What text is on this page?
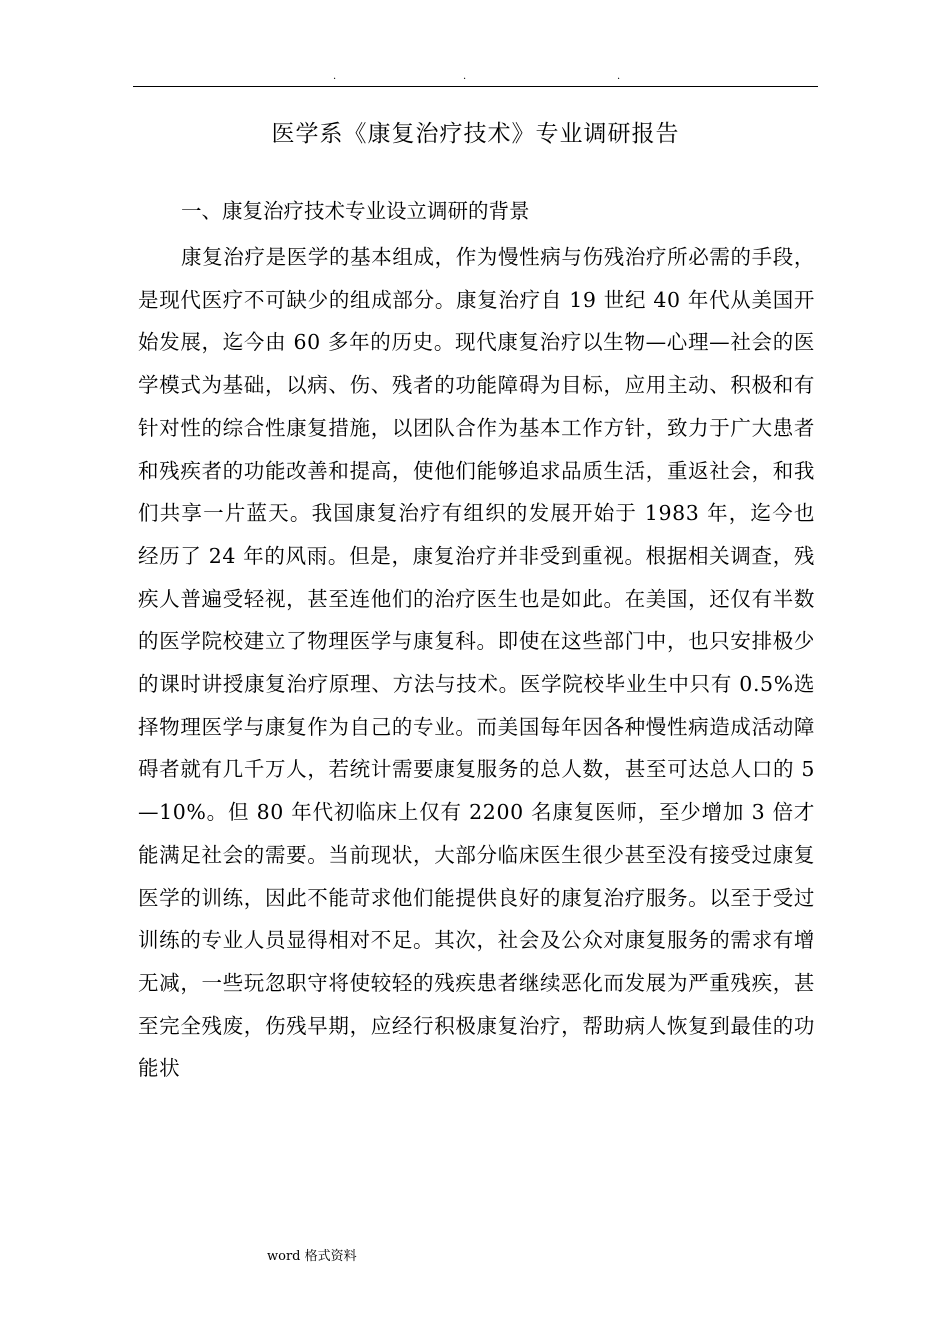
.	.	.
医学系《康复治疗技术》专业调研报告
一、康复治疗技术专业设立调研的背景

康复治疗是医学的基本组成，作为慢性病与伤残治疗所必需的手段，是现代医疗不可缺少的组成部分。康复治疗自 19 世纪 40 年代从美国开始发展，迄今由 60 多年的历史。现代康复治疗以生物—心理—社会的医学模式为基础，以病、伤、残者的功能障碍为目标，应用主动、积极和有针对性的综合性康复措施，以团队合作为基本工作方针，致力于广大患者和残疾者的功能改善和提高，使他们能够追求品质生活，重返社会，和我们共享一片蓝天。我国康复治疗有组织的发展开始于 1983 年，迄今也经历了 24 年的风雨。但是，康复治疗并非受到重视。根据相关调查，残疾人普遍受轻视，甚至连他们的治疗医生也是如此。在美国，还仅有半数的医学院校建立了物理医学与康复科。即使在这些部门中，也只安排极少的课时讲授康复治疗原理、方法与技术。医学院校毕业生中只有 0.5%选择物理医学与康复作为自己的专业。而美国每年因各种慢性病造成活动障碍者就有几千万人，若统计需要康复服务的总人数，甚至可达总人口的 5—10%。但 80 年代初临床上仅有 2200 名康复医师，至少增加 3 倍才能满足社会的需要。当前现状，大部分临床医生很少甚至没有接受过康复医学的训练，因此不能苛求他们能提供良好的康复治疗服务。以至于受过训练的专业人员显得相对不足。其次，社会及公众对康复服务的需求有增无减，一些玩忽职守将使较轻的残疾患者继续恶化而发展为严重残疾，甚至完全残废，伤残早期，应经行积极康复治疗，帮助病人恢复到最佳的功能状

word 格式资料
